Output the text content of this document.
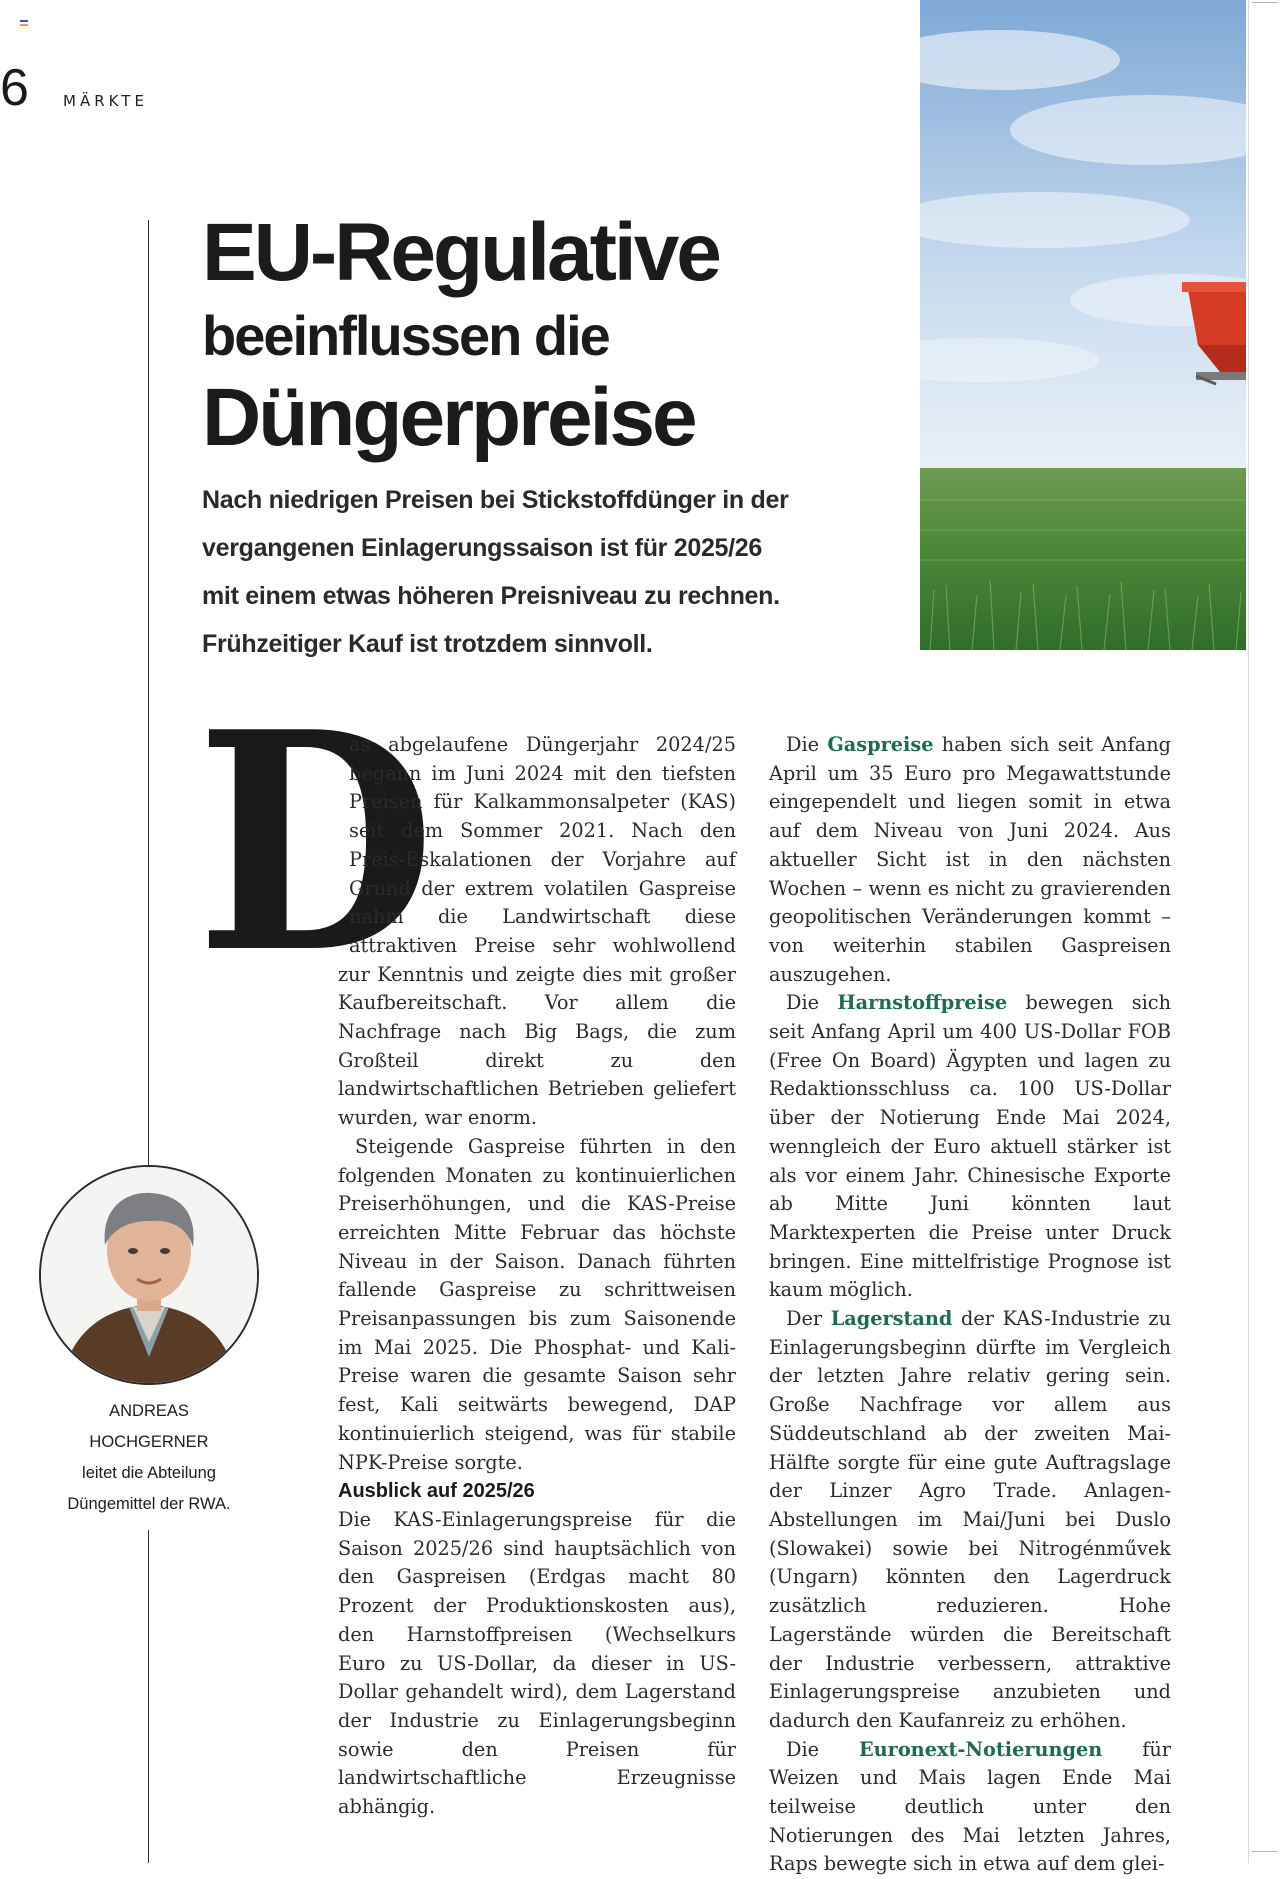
6 MÄRKTE
EU-Regulative
beeinflussen die
Düngerpreise

Nach niedrigen Preisen bei Stickstoffdünger in der

vergangenen Einlagerungssaison ist für 2025/26

mit einem etwas höheren Preisniveau zu rechnen.

Frühzeitiger Kauf ist trotzdem sinnvoll.

D

as abgelaufene Düngerjahr 2024/25 begann im Juni 2024 mit den tiefsten Preisen für Kalkammonsalpeter (KAS) seit dem Sommer 2021. Nach den Preis-Eskalationen der Vorjahre auf Grund der extrem volatilen Gaspreise nahm die Landwirtschaft diese attraktiven Preise sehr wohlwollend zur Kenntnis und zeigte dies mit großer Kaufbereitschaft. Vor allem die Nachfrage nach Big Bags, die zum Großteil direkt zu den landwirtschaftlichen Betrieben geliefert wurden, war enorm.

Steigende Gaspreise führten in den folgenden Monaten zu kontinuierlichen Preiserhöhungen, und die KAS-Preise erreichten Mitte Februar das höchste Niveau in der Saison. Danach führten fallende Gaspreise zu schrittweisen Preisanpassungen bis zum Saisonende im Mai 2025. Die Phosphat- und Kali-Preise waren die gesamte Saison sehr fest, Kali seitwärts bewegend, DAP kontinuierlich steigend, was für stabile NPK-Preise sorgte.

Ausblick auf 2025/26

Die KAS-Einlagerungspreise für die Saison 2025/26 sind hauptsächlich von den Gaspreisen (Erdgas macht 80 Prozent der Produktionskosten aus), den Harnstoffpreisen (Wechselkurs Euro zu US-Dollar, da dieser in US-Dollar gehandelt wird), dem Lagerstand der Industrie zu Einlagerungsbeginn sowie den Preisen für landwirtschaftliche Erzeugnisse abhängig.

Die Gaspreise haben sich seit Anfang April um 35 Euro pro Megawattstunde eingependelt und liegen somit in etwa auf dem Niveau von Juni 2024. Aus aktueller Sicht ist in den nächsten Wochen – wenn es nicht zu gravierenden geopolitischen Veränderungen kommt – von weiterhin stabilen Gaspreisen auszugehen.

Die Harnstoffpreise bewegen sich seit Anfang April um 400 US-Dollar FOB (Free On Board) Ägypten und lagen zu Redaktionsschluss ca. 100 US-Dollar über der Notierung Ende Mai 2024, wenngleich der Euro aktuell stärker ist als vor einem Jahr. Chinesische Exporte ab Mitte Juni könnten laut Marktexperten die Preise unter Druck bringen. Eine mittelfristige Prognose ist kaum möglich.

Der Lagerstand der KAS-Industrie zu Einlagerungsbeginn dürfte im Vergleich der letzten Jahre relativ gering sein. Große Nachfrage vor allem aus Süddeutschland ab der zweiten Mai-Hälfte sorgte für eine gute Auftragslage der Linzer Agro Trade. Anlagen-Abstellungen im Mai/Juni bei Duslo (Slowakei) sowie bei Nitrogénművek (Ungarn) könnten den Lagerdruck zusätzlich reduzieren. Hohe Lagerstände würden die Bereitschaft der Industrie verbessern, attraktive Einlagerungspreise anzubieten und dadurch den Kaufanreiz zu erhöhen.

Die Euronext-Notierungen für Weizen und Mais lagen Ende Mai teilweise deutlich unter den Notierungen des Mai letzten Jahres, Raps bewegte sich in etwa auf dem glei-

ANDREAS
HOCHGERNER
leitet die Abteilung
Düngemittel der RWA.
